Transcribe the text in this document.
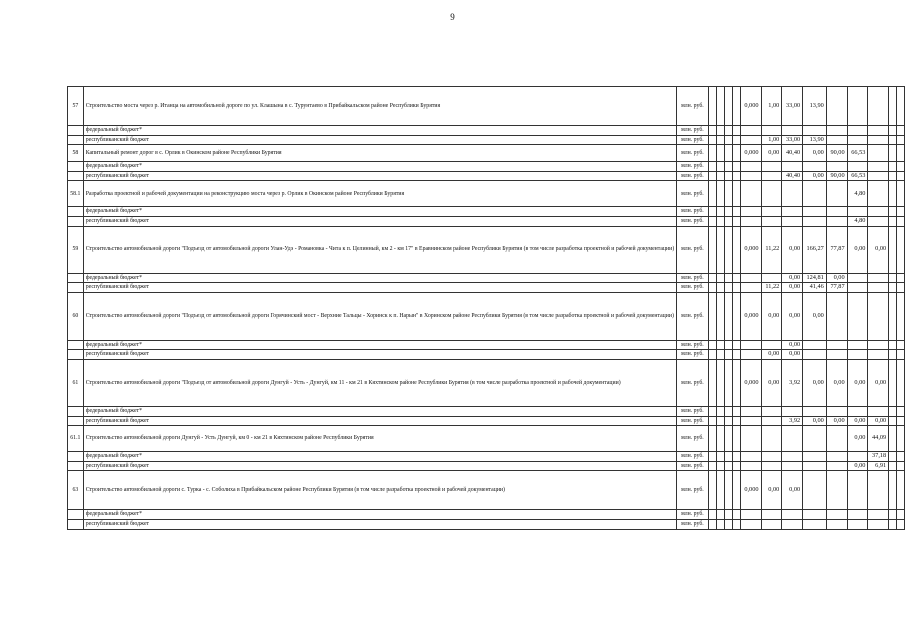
9
57	Строительство моста через р. Итанца на автомобильной дороге по ул. Клашына в с. Турунтаево в Прибайкальском районе Республики Бурятия	млн. руб.					0,000	1,00	33,00	13,90					
	федеральный бюджет*	млн. руб.													
	республиканский бюджет	млн. руб.						1,00	33,00	13,90					
58	Капитальный ремонт дорог в с. Орлик в Окинском районе Республики Бурятия	млн. руб.					0,000	0,00	40,40	0,00	90,00	66,53			
	федеральный бюджет*	млн. руб.													
	республиканский бюджет	млн. руб.							40,40	0,00	90,00	66,53			
58.1	Разработка проектной и рабочей документации на реконструкцию моста через р. Орлик в Окинском районе Республики Бурятия	млн. руб.										4,80			
	федеральный бюджет*	млн. руб.													
	республиканский бюджет	млн. руб.										4,80			
59	Строительство автомобильной дороги "Подъезд от автомобильной дороги Улан-Удэ - Романовка - Чита к п. Целинный, км 2 - км 17" в Еравнинском районе Республики Бурятия (в том числе разработка проектной и рабочей документации)	млн. руб.					0,000	11,22	0,00	166,27	77,87	0,00	0,00		
	федеральный бюджет*	млн. руб.							0,00	124,81	0,00				
	республиканский бюджет	млн. руб.						11,22	0,00	41,46	77,87				
60	Строительство автомобильной дороги "Подъезд от автомобильной дороги Горячинский мост - Верхние Тальцы - Хоринск к п. Нарын" в Хоринском районе Республики Бурятия (в том числе разработка проектной и рабочей документации)	млн. руб.					0,000	0,00	0,00	0,00					
	федеральный бюджет*	млн. руб.							0,00						
	республиканский бюджет	млн. руб.						0,00	0,00						
61	Строительство автомобильной дороги "Подъезд от автомобильной дороги Дунгуй - Усть - Дунгуй, км 11 - км 21 в Кяхтинском районе Республики Бурятия (в том числе разработка проектной и рабочей документации)	млн. руб.					0,000	0,00	3,92	0,00	0,00	0,00	0,00		
	федеральный бюджет*	млн. руб.													
	республиканский бюджет	млн. руб.							3,92	0,00	0,00	0,00	0,00		
61.1	Строительство автомобильной дороги Дунгуй - Усть Дунгуй, км 0 - км 21 в Кяхтинском районе Республики Бурятия	млн. руб.										0,00	44,09		
	федеральный бюджет*	млн. руб.											37,18		
	республиканский бюджет	млн. руб.										0,00	6,91		
63	Строительство автомобильной дороги с. Турка - с. Соболиха в Прибайкальском районе Республики Бурятия (в том числе разработка проектной и рабочей документации)	млн. руб.					0,000	0,00	0,00						
	федеральный бюджет*	млн. руб.													
	республиканский бюджет	млн. руб.													
